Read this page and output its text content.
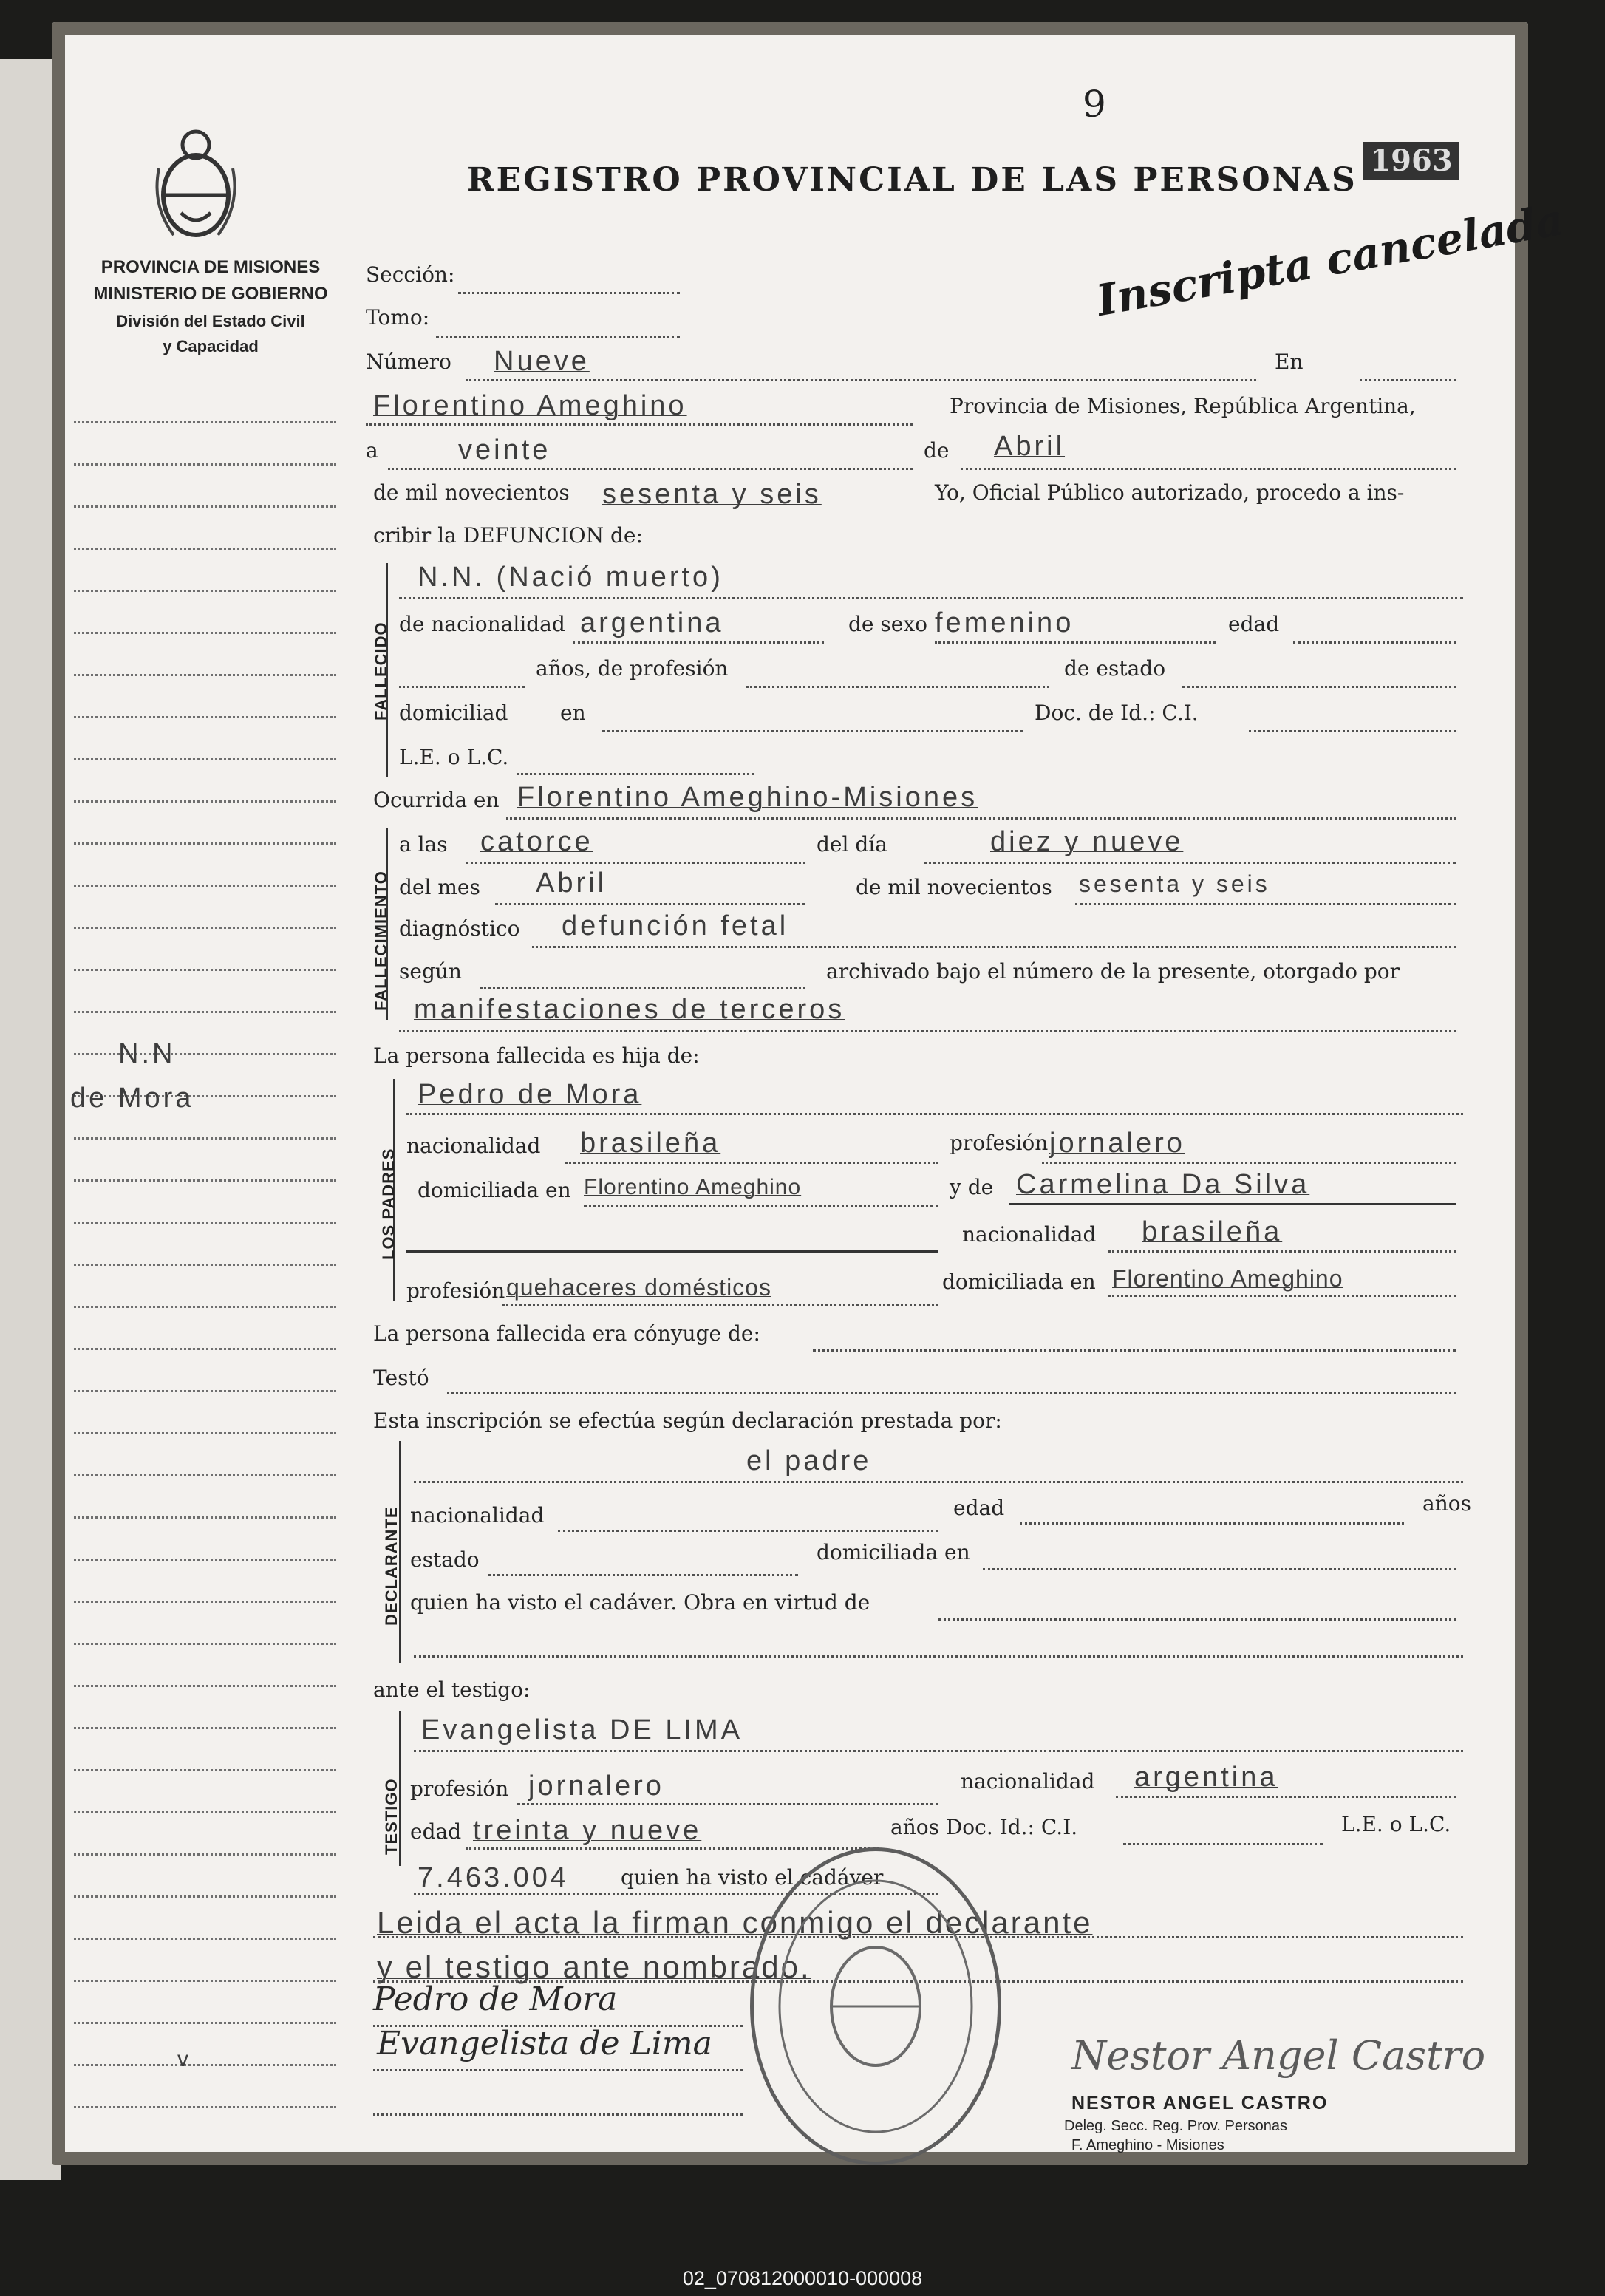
9
1963
REGISTRO PROVINCIAL DE LAS PERSONAS
Inscripta cancelada
PROVINCIA DE MISIONES
MINISTERIO DE GOBIERNO
División del Estado Civil
y Capacidad
N.N
de Mora
v
Sección:
Tomo:
Número Nueve	En
Florentino Ameghino	Provincia de Misiones, República Argentina,
a	veinte	de Abril
de mil novecientos sesenta y seis	Yo, Oficial Público autorizado, procedo a ins-
cribir la DEFUNCION de:
FALLECIDO
N.N. (Nació muerto)
de nacionalidad argentina	de sexo femenino	edad
años, de profesión	de estado
domiciliad	en	Doc. de Id.: C.I.
L.E. o L.C.
Ocurrida en Florentino Ameghino-Misiones
FALLECIMIENTO
a las catorce	del día	diez y nueve
del mes Abril	de mil novecientos sesenta y seis
diagnóstico defunción fetal
según	archivado bajo el número de la presente, otorgado por
manifestaciones de terceros
La persona fallecida es hija de:
LOS PADRES
Pedro de Mora
nacionalidad brasileña	profesión jornalero
domiciliada en Florentino Ameghino	y de Carmelina Da Silva
nacionalidad brasileña
profesión quehaceres domésticos	domiciliada en Florentino Ameghino
La persona fallecida era cónyuge de:
Testó
Esta inscripción se efectúa según declaración prestada por:
DECLARANTE
el padre
nacionalidad	edad	años
estado	domiciliada en
quien ha visto el cadáver. Obra en virtud de
ante el testigo:
TESTIGO
Evangelista DE LIMA
profesión jornalero	nacionalidad argentina
edad treinta y nueve	años Doc. Id.: C.I.	L.E. o L.C.
7.463.004 quien ha visto el cadáver
Leida el acta la firman conmigo el declarante
y el testigo ante nombrado.
Pedro de Mora
Evangelista de Lima	Nestor Angel Castro
NESTOR ANGEL CASTRO
Deleg. Secc. Reg. Prov. Personas
F. Ameghino - Misiones
02_070812000010-000008
